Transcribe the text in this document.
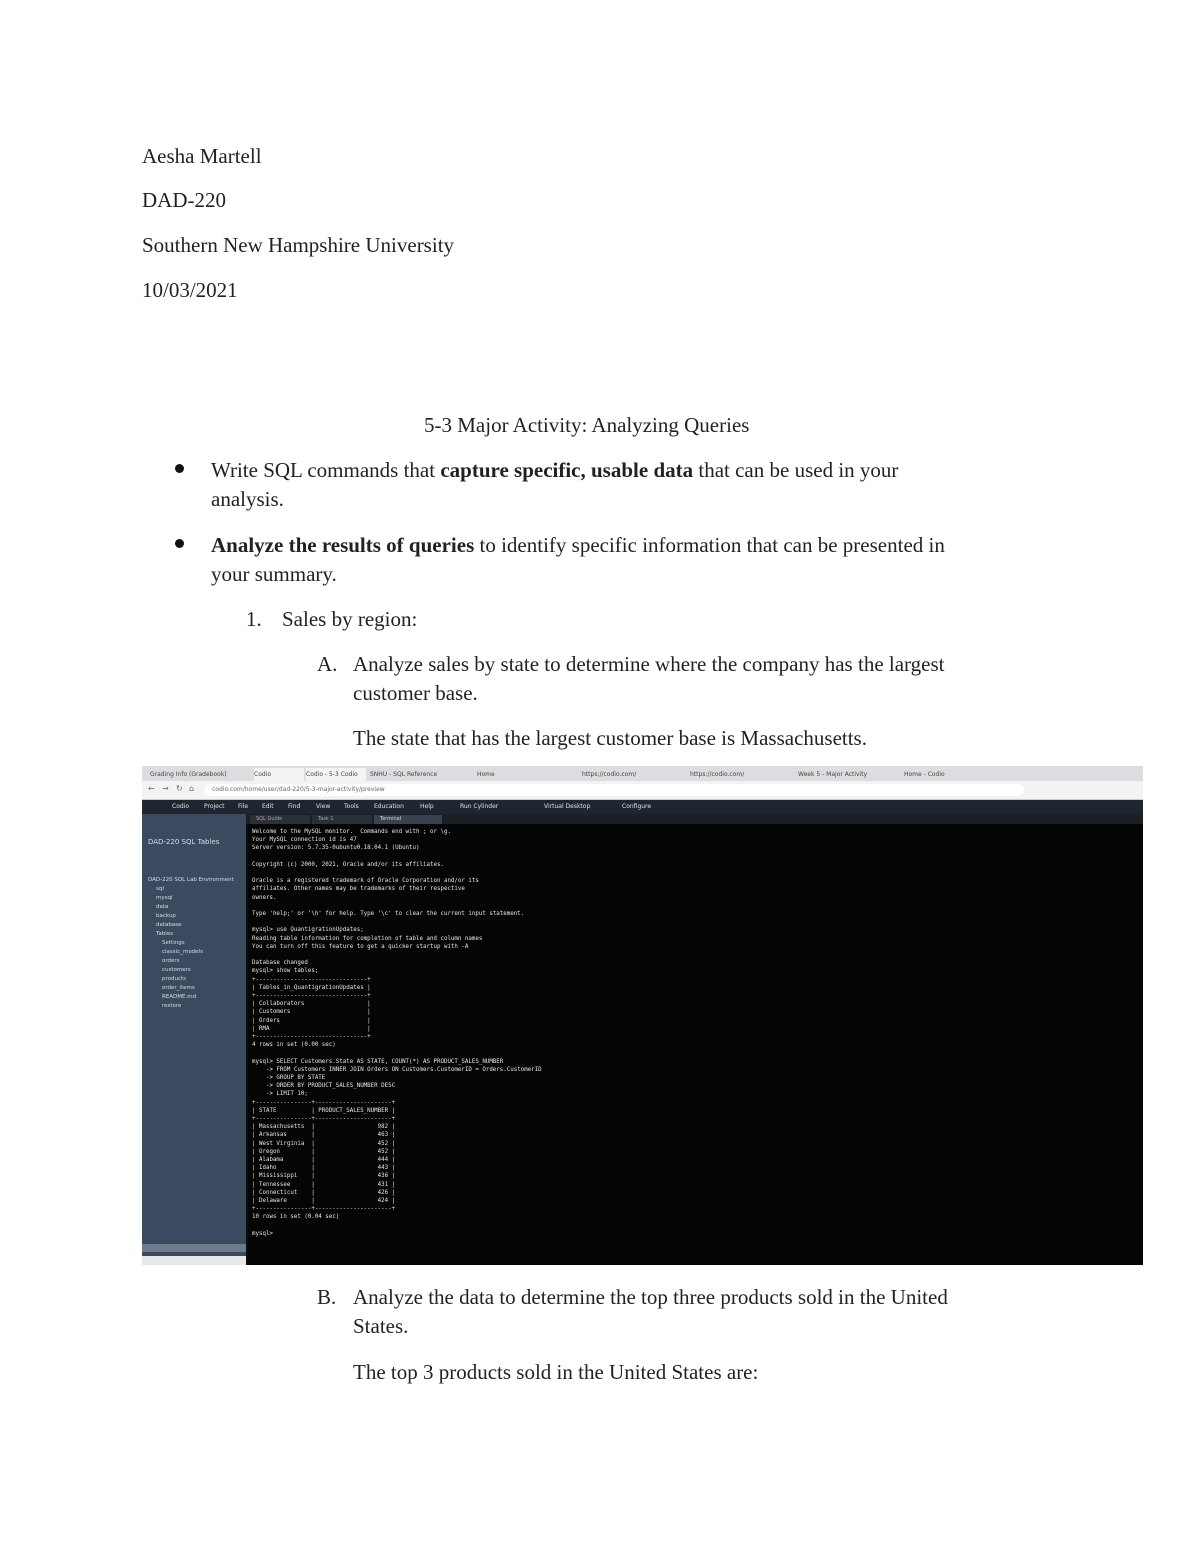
Aesha Martell
DAD-220
Southern New Hampshire University
10/03/2021
5-3 Major Activity: Analyzing Queries
Write SQL commands that capture specific, usable data that can be used in your
analysis.
Analyze the results of queries to identify specific information that can be presented in
your summary.
1. Sales by region:
A. Analyze sales by state to determine where the company has the largest
customer base.
The state that has the largest customer base is Massachusetts.
Grading Info (Gradebook)	Codio	Codio - 5-3 Codio	SNHU - SQL Reference	Home	https://codio.com/	https://codio.com/	Week 5 - Major Activity	Home - Codio
← → ↻ ⌂	codio.com/home/user/dad-220/5-3-major-activity/preview
Codio Project File Edit Find	View Tools	Education	Help	Run Cylinder	Virtual Desktop	Configure
DAD-220 SQL Tables
DAD-220 SQL Lab Environment
sql
mysql
data
backup
database
Tables
Settings
classic_models
orders
customers
products
order_items
README.md
restore
SQL Guide	Task 1	Terminal
Welcome to the MySQL monitor.  Commands end with ; or \g.
Your MySQL connection id is 47
Server version: 5.7.35-0ubuntu0.18.04.1 (Ubuntu)
Copyright (c) 2000, 2021, Oracle and/or its affiliates.
Oracle is a registered trademark of Oracle Corporation and/or its
affiliates. Other names may be trademarks of their respective
owners.
Type 'help;' or '\h' for help. Type '\c' to clear the current input statement.
mysql> use QuantigrationUpdates;
Reading table information for completion of table and column names
You can turn off this feature to get a quicker startup with -A
Database changed
mysql> show tables;
+--------------------------------+
| Tables_in_QuantigrationUpdates |
+--------------------------------+
| Collaborators                  |
| Customers                      |
| Orders                         |
| RMA                            |
+--------------------------------+
4 rows in set (0.00 sec)
mysql> SELECT Customers.State AS STATE, COUNT(*) AS PRODUCT_SALES_NUMBER
-> FROM Customers INNER JOIN Orders ON Customers.CustomerID = Orders.CustomerID
-> GROUP BY STATE
-> ORDER BY PRODUCT_SALES_NUMBER DESC
-> LIMIT 10;
+----------------+----------------------+
| STATE          | PRODUCT_SALES_NUMBER |
+----------------+----------------------+
| Massachusetts  |                  982 |
| Arkansas       |                  463 |
| West Virginia  |                  452 |
| Oregon         |                  452 |
| Alabama        |                  444 |
| Idaho          |                  443 |
| Mississippi    |                  436 |
| Tennessee      |                  431 |
| Connecticut    |                  426 |
| Delaware       |                  424 |
+----------------+----------------------+
10 rows in set (0.04 sec)
mysql>
B. Analyze the data to determine the top three products sold in the United
States.
The top 3 products sold in the United States are:
